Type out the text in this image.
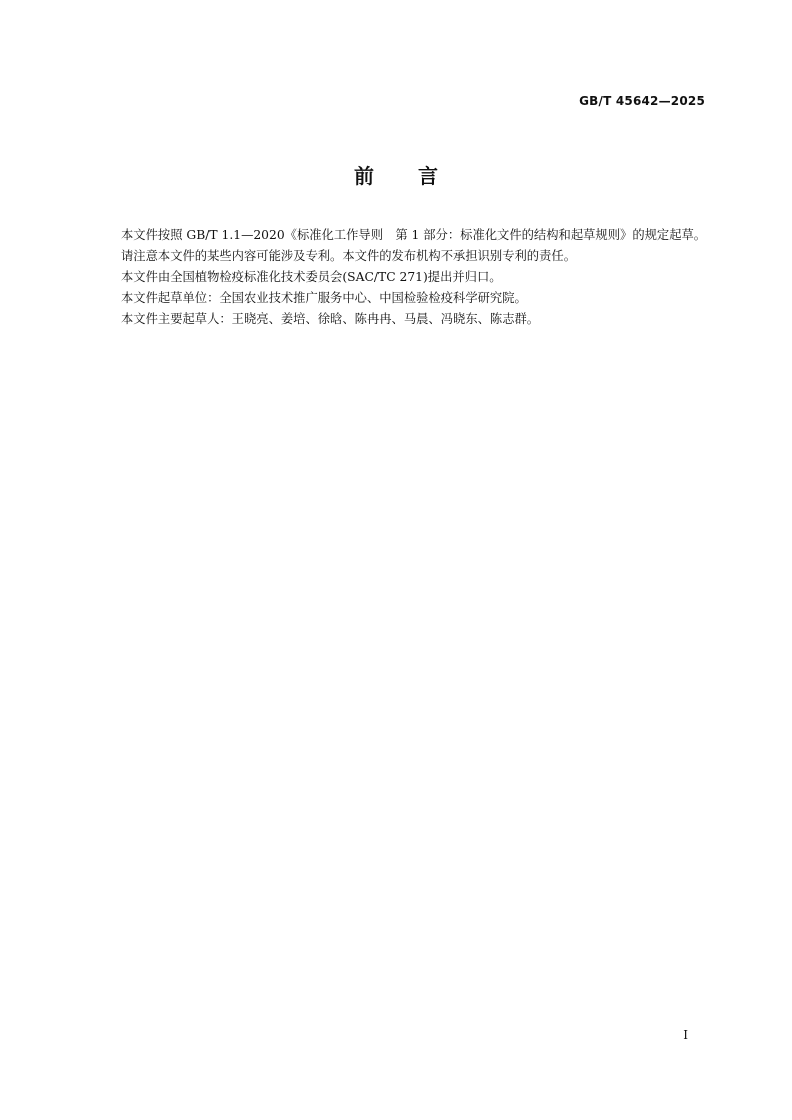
GB/T 45642—2025
前言

本文件按照 GB/T 1.1—2020《标准化工作导则　第 1 部分：标准化文件的结构和起草规则》的规定起草。

请注意本文件的某些内容可能涉及专利。本文件的发布机构不承担识别专利的责任。

本文件由全国植物检疫标准化技术委员会(SAC/TC 271)提出并归口。

本文件起草单位：全国农业技术推广服务中心、中国检验检疫科学研究院。

本文件主要起草人：王晓亮、姜培、徐晗、陈冉冉、马晨、冯晓东、陈志群。

I
